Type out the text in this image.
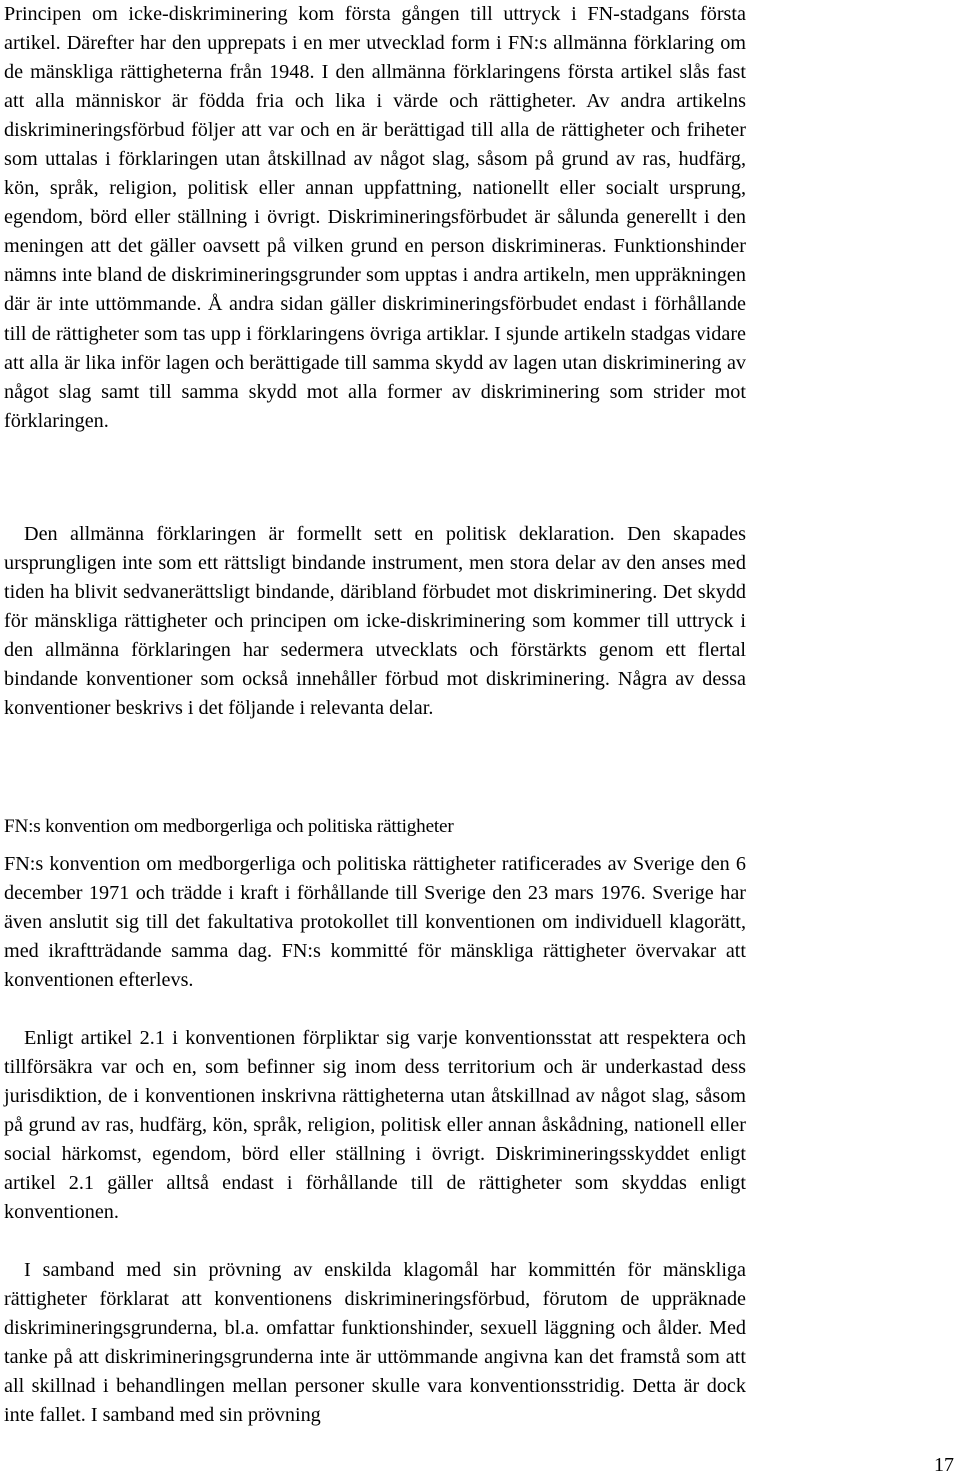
Principen om icke-diskriminering kom första gången till uttryck i FN-stadgans första artikel. Därefter har den upprepats i en mer utvecklad form i FN:s allmänna förklaring om de mänskliga rättigheterna från 1948. I den allmänna förklaringens första artikel slås fast att alla människor är födda fria och lika i värde och rättigheter. Av andra artikelns diskrimineringsförbud följer att var och en är berättigad till alla de rättigheter och friheter som uttalas i förklaringen utan åtskillnad av något slag, såsom på grund av ras, hudfärg, kön, språk, religion, politisk eller annan uppfattning, nationellt eller socialt ursprung, egendom, börd eller ställning i övrigt. Diskrimineringsförbudet är sålunda generellt i den meningen att det gäller oavsett på vilken grund en person diskrimineras. Funktionshinder nämns inte bland de diskrimineringsgrunder som upptas i andra artikeln, men uppräkningen där är inte uttömmande. Å andra sidan gäller diskrimineringsförbudet endast i förhållande till de rättigheter som tas upp i förklaringens övriga artiklar. I sjunde artikeln stadgas vidare att alla är lika inför lagen och berättigade till samma skydd av lagen utan diskriminering av något slag samt till samma skydd mot alla former av diskriminering som strider mot förklaringen.

Den allmänna förklaringen är formellt sett en politisk deklaration. Den skapades ursprungligen inte som ett rättsligt bindande instrument, men stora delar av den anses med tiden ha blivit sedvanerättsligt bindande, däribland förbudet mot diskriminering. Det skydd för mänskliga rättigheter och principen om icke-diskriminering som kommer till uttryck i den allmänna förklaringen har sedermera utvecklats och förstärkts genom ett flertal bindande konventioner som också innehåller förbud mot diskriminering. Några av dessa konventioner beskrivs i det följande i relevanta delar.

FN:s konvention om medborgerliga och politiska rättigheter

FN:s konvention om medborgerliga och politiska rättigheter ratificerades av Sverige den 6 december 1971 och trädde i kraft i förhållande till Sverige den 23 mars 1976. Sverige har även anslutit sig till det fakultativa protokollet till konventionen om individuell klagorätt, med ikraftträdande samma dag. FN:s kommitté för mänskliga rättigheter övervakar att konventionen efterlevs.

Enligt artikel 2.1 i konventionen förpliktar sig varje konventionsstat att respektera och tillförsäkra var och en, som befinner sig inom dess territorium och är underkastad dess jurisdiktion, de i konventionen inskrivna rättigheterna utan åtskillnad av något slag, såsom på grund av ras, hudfärg, kön, språk, religion, politisk eller annan åskådning, nationell eller social härkomst, egendom, börd eller ställning i övrigt. Diskrimineringsskyddet enligt artikel 2.1 gäller alltså endast i förhållande till de rättigheter som skyddas enligt konventionen.

I samband med sin prövning av enskilda klagomål har kommittén för mänskliga rättigheter förklarat att konventionens diskrimineringsförbud, förutom de uppräknade diskrimineringsgrunderna, bl.a. omfattar funktionshinder, sexuell läggning och ålder. Med tanke på att diskrimineringsgrunderna inte är uttömmande angivna kan det framstå som att all skillnad i behandlingen mellan personer skulle vara konventionsstridig. Detta är dock inte fallet. I samband med sin prövning

17
